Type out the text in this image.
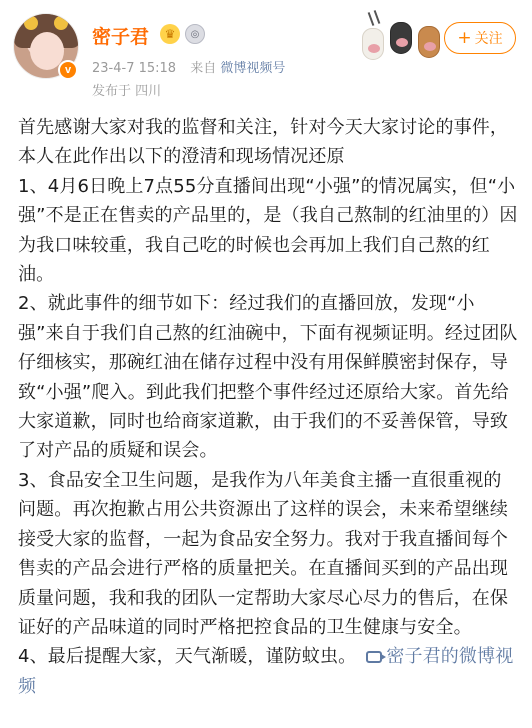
v
密子君	♛	◎
23-4-7 15:18 来自 微博视频号
发布于 四川
+ 关注

首先感谢大家对我的监督和关注，针对今天大家讨论的事件，本人在此作出以下的澄清和现场情况还原

1、4月6日晚上7点55分直播间出现“小强”的情况属实，但“小强”不是正在售卖的产品里的，是（我自己熬制的红油里的）因为我口味较重，我自己吃的时候也会再加上我们自己熬的红油。

2、就此事件的细节如下：经过我们的直播回放，发现“小强”来自于我们自己熬的红油碗中，下面有视频证明。经过团队仔细核实，那碗红油在储存过程中没有用保鲜膜密封保存，导致“小强”爬入。到此我们把整个事件经过还原给大家。首先给大家道歉，同时也给商家道歉，由于我们的不妥善保管，导致了对产品的质疑和误会。

3、食品安全卫生问题，是我作为八年美食主播一直很重视的问题。再次抱歉占用公共资源出了这样的误会，未来希望继续接受大家的监督，一起为食品安全努力。我对于我直播间每个售卖的产品会进行严格的质量把关。在直播间买到的产品出现质量问题，我和我的团队一定帮助大家尽心尽力的售后，在保证好的产品味道的同时严格把控食品的卫生健康与安全。

4、最后提醒大家，天气渐暖，谨防蚊虫。 密子君的微博视频
